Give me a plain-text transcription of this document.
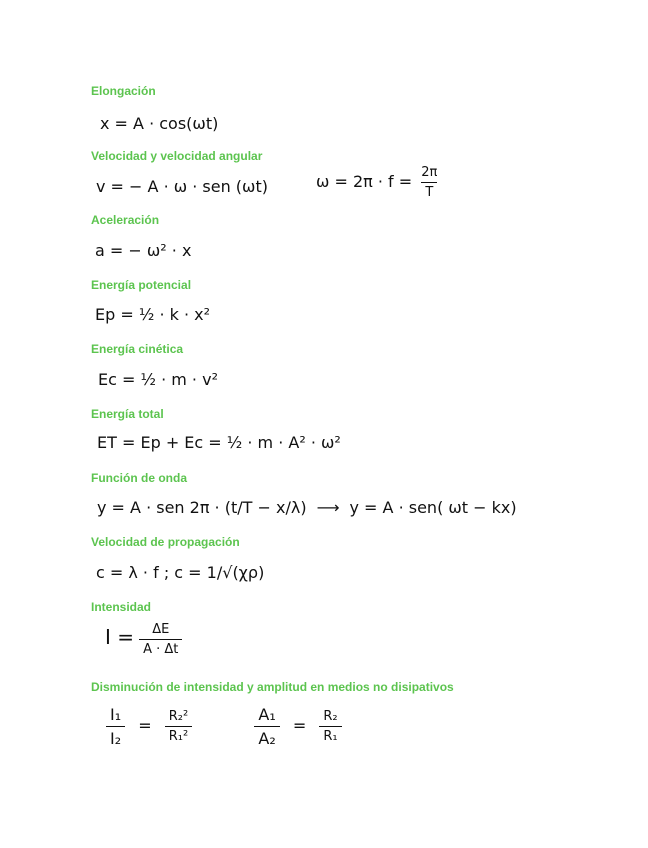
Elongación
Velocidad y velocidad angular
Aceleración
Energía potencial
Energía cinética
Energía total
Función de onda
Velocidad de propagación
Intensidad
Disminución de intensidad y amplitud en medios no disipativos
x = A · cos(ωt)
v = − A · ω · sen (ωt)	$\omega = 2\pi \cdot f = \frac{2\pi}{T}$
a = − ω² · x
Ep = ½ · k · x²
Ec = ½ · m · v²
ET = Ep + Ec = ½ · m · A² · ω²
y = A · sen 2π · (t/T − x/λ) ⟶ y = A · sen( ωt − kx)
c = λ · f ; c = 1/√(χρ)
$I = \frac{\Delta E}{A \cdot \Delta t}$
$\frac{\text{I₁}}{\text{I₂}} = \frac{\text{R₂²}}{\text{R₁²}}$
	$\frac{\text{A₁}}{\text{A₂}} = \frac{\text{R₂}}{\text{R₁}}$
